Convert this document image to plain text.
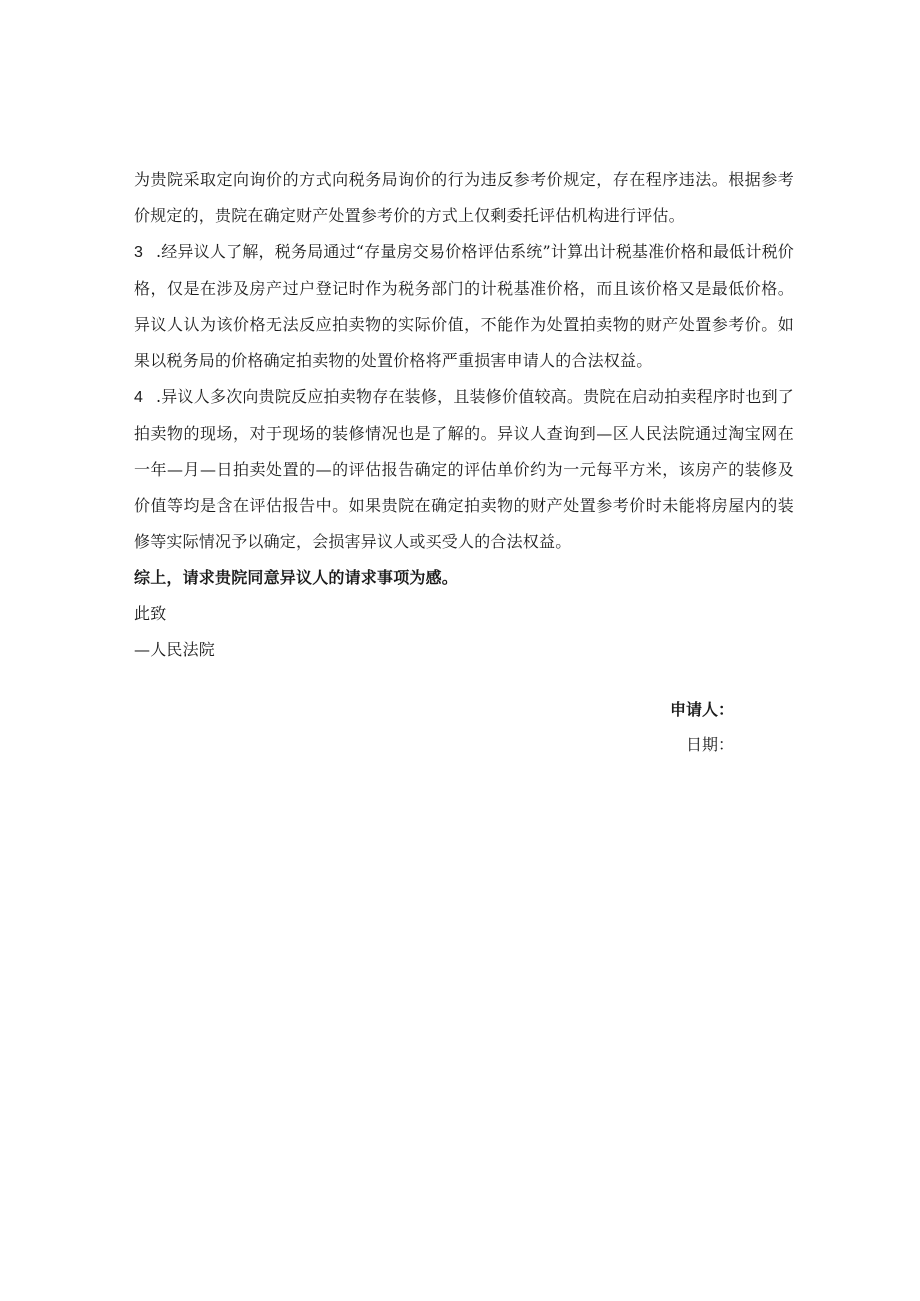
为贵院采取定向询价的方式向税务局询价的行为违反参考价规定，存在程序违法。根据参考价规定的，贵院在确定财产处置参考价的方式上仅剩委托评估机构进行评估。

3 .经异议人了解，税务局通过“存量房交易价格评估系统”计算出计税基准价格和最低计税价格，仅是在涉及房产过户登记时作为税务部门的计税基准价格，而且该价格又是最低价格。异议人认为该价格无法反应拍卖物的实际价值，不能作为处置拍卖物的财产处置参考价。如果以税务局的价格确定拍卖物的处置价格将严重损害申请人的合法权益。

4 .异议人多次向贵院反应拍卖物存在装修，且装修价值较高。贵院在启动拍卖程序时也到了拍卖物的现场，对于现场的装修情况也是了解的。异议人查询到—区人民法院通过淘宝网在一年—月—日拍卖处置的—的评估报告确定的评估单价约为一元每平方米，该房产的装修及价值等均是含在评估报告中。如果贵院在确定拍卖物的财产处置参考价时未能将房屋内的装修等实际情况予以确定，会损害异议人或买受人的合法权益。

综上，请求贵院同意异议人的请求事项为感。

此致

—人民法院

申请人：
日期：
